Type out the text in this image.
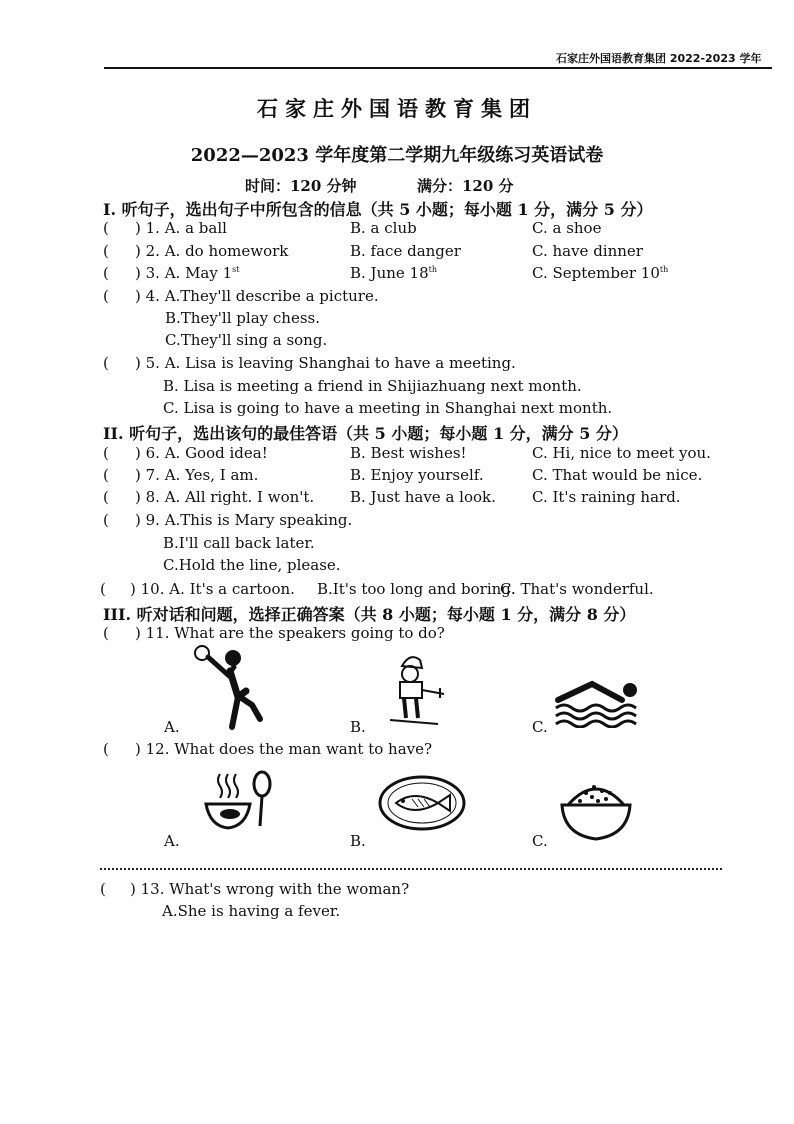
石家庄外国语教育集团 2022-2023 学年
石家庄外国语教育集团
2022—2023 学年度第二学期九年级练习英语试卷
时间：120 分钟	满分：120 分
I. 听句子，选出句子中所包含的信息（共 5 小题；每小题 1 分，满分 5 分）
( ) 1. A. a ball	B. a club	C. a shoe
( ) 2. A. do homework	B. face danger	C. have dinner
( ) 3. A. May 1st	B. June 18th	C. September 10th
( ) 4. A.They'll describe a picture.
B.They'll play chess.
C.They'll sing a song.
( ) 5. A. Lisa is leaving Shanghai to have a meeting.
B. Lisa is meeting a friend in Shijiazhuang next month.
C. Lisa is going to have a meeting in Shanghai next month.
II. 听句子，选出该句的最佳答语（共 5 小题；每小题 1 分，满分 5 分）
( ) 6. A. Good idea!	B. Best wishes!	C. Hi, nice to meet you.
( ) 7. A. Yes, I am.	B. Enjoy yourself.	C. That would be nice.
( ) 8. A. All right. I won't. B. Just have a look. C. It's raining hard.
( ) 9. A.This is Mary speaking.
B.I'll call back later.
C.Hold the line, please.
( ) 10. A. It's a cartoon. B.It's too long and boring.
C. That's wonderful.
III. 听对话和问题，选择正确答案（共 8 小题；每小题 1 分，满分 8 分）
( ) 11. What are the speakers going to do?
A.	B.	C.
( ) 12. What does the man want to have?
A.	B.	C.
( ) 13. What's wrong with the woman?
A.She is having a fever.
